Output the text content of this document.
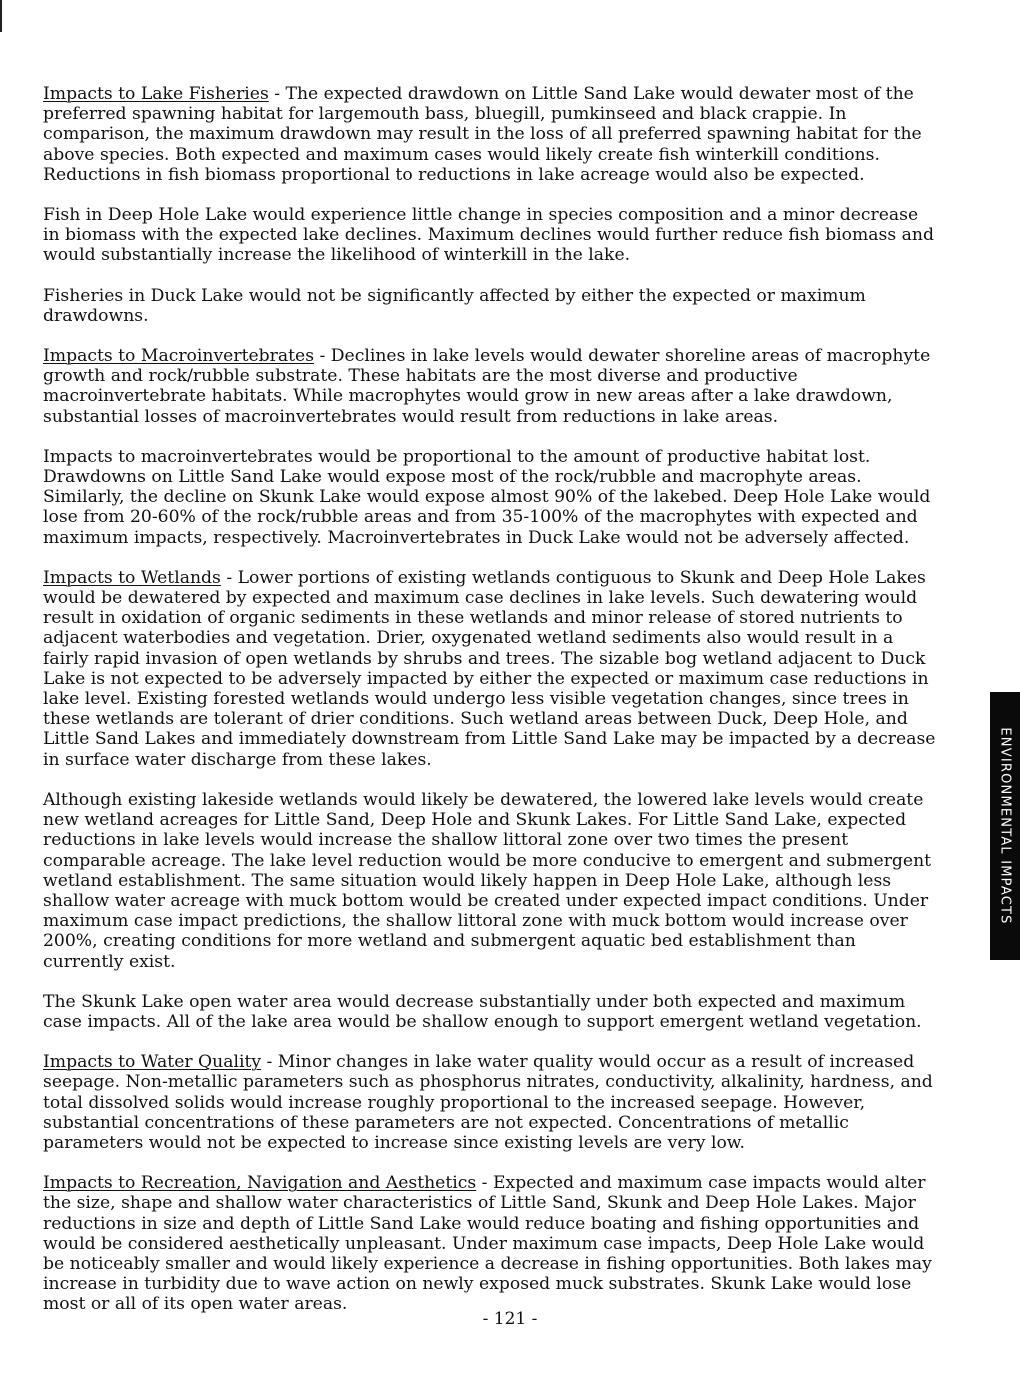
Impacts to Lake Fisheries - The expected drawdown on Little Sand Lake would dewater most of the preferred spawning habitat for largemouth bass, bluegill, pumkinseed and black crappie. In comparison, the maximum drawdown may result in the loss of all preferred spawning habitat for the above species. Both expected and maximum cases would likely create fish winterkill conditions. Reductions in fish biomass proportional to reductions in lake acreage would also be expected.

Fish in Deep Hole Lake would experience little change in species composition and a minor decrease in biomass with the expected lake declines. Maximum declines would further reduce fish biomass and would substantially increase the likelihood of winterkill in the lake.

Fisheries in Duck Lake would not be significantly affected by either the expected or maximum drawdowns.

Impacts to Macroinvertebrates - Declines in lake levels would dewater shoreline areas of macrophyte growth and rock/rubble substrate. These habitats are the most diverse and productive macroinvertebrate habitats. While macrophytes would grow in new areas after a lake drawdown, substantial losses of macroinvertebrates would result from reductions in lake areas.

Impacts to macroinvertebrates would be proportional to the amount of productive habitat lost. Drawdowns on Little Sand Lake would expose most of the rock/rubble and macrophyte areas. Similarly, the decline on Skunk Lake would expose almost 90% of the lakebed. Deep Hole Lake would lose from 20-60% of the rock/rubble areas and from 35-100% of the macrophytes with expected and maximum impacts, respectively. Macroinvertebrates in Duck Lake would not be adversely affected.

Impacts to Wetlands - Lower portions of existing wetlands contiguous to Skunk and Deep Hole Lakes would be dewatered by expected and maximum case declines in lake levels. Such dewatering would result in oxidation of organic sediments in these wetlands and minor release of stored nutrients to adjacent waterbodies and vegetation. Drier, oxygenated wetland sediments also would result in a fairly rapid invasion of open wetlands by shrubs and trees. The sizable bog wetland adjacent to Duck Lake is not expected to be adversely impacted by either the expected or maximum case reductions in lake level. Existing forested wetlands would undergo less visible vegetation changes, since trees in these wetlands are tolerant of drier conditions. Such wetland areas between Duck, Deep Hole, and Little Sand Lakes and immediately downstream from Little Sand Lake may be impacted by a decrease in surface water discharge from these lakes.

Although existing lakeside wetlands would likely be dewatered, the lowered lake levels would create new wetland acreages for Little Sand, Deep Hole and Skunk Lakes. For Little Sand Lake, expected reductions in lake levels would increase the shallow littoral zone over two times the present comparable acreage. The lake level reduction would be more conducive to emergent and submergent wetland establishment. The same situation would likely happen in Deep Hole Lake, although less shallow water acreage with muck bottom would be created under expected impact conditions. Under maximum case impact predictions, the shallow littoral zone with muck bottom would increase over 200%, creating conditions for more wetland and submergent aquatic bed establishment than currently exist.

The Skunk Lake open water area would decrease substantially under both expected and maximum case impacts. All of the lake area would be shallow enough to support emergent wetland vegetation.

Impacts to Water Quality - Minor changes in lake water quality would occur as a result of increased seepage. Non-metallic parameters such as phosphorus nitrates, conductivity, alkalinity, hardness, and total dissolved solids would increase roughly proportional to the increased seepage. However, substantial concentrations of these parameters are not expected. Concentrations of metallic parameters would not be expected to increase since existing levels are very low.

Impacts to Recreation, Navigation and Aesthetics - Expected and maximum case impacts would alter the size, shape and shallow water characteristics of Little Sand, Skunk and Deep Hole Lakes. Major reductions in size and depth of Little Sand Lake would reduce boating and fishing opportunities and would be considered aesthetically unpleasant. Under maximum case impacts, Deep Hole Lake would be noticeably smaller and would likely experience a decrease in fishing opportunities. Both lakes may increase in turbidity due to wave action on newly exposed muck substrates. Skunk Lake would lose most or all of its open water areas.

- 121 -
ENVIRONMENTAL IMPACTS
